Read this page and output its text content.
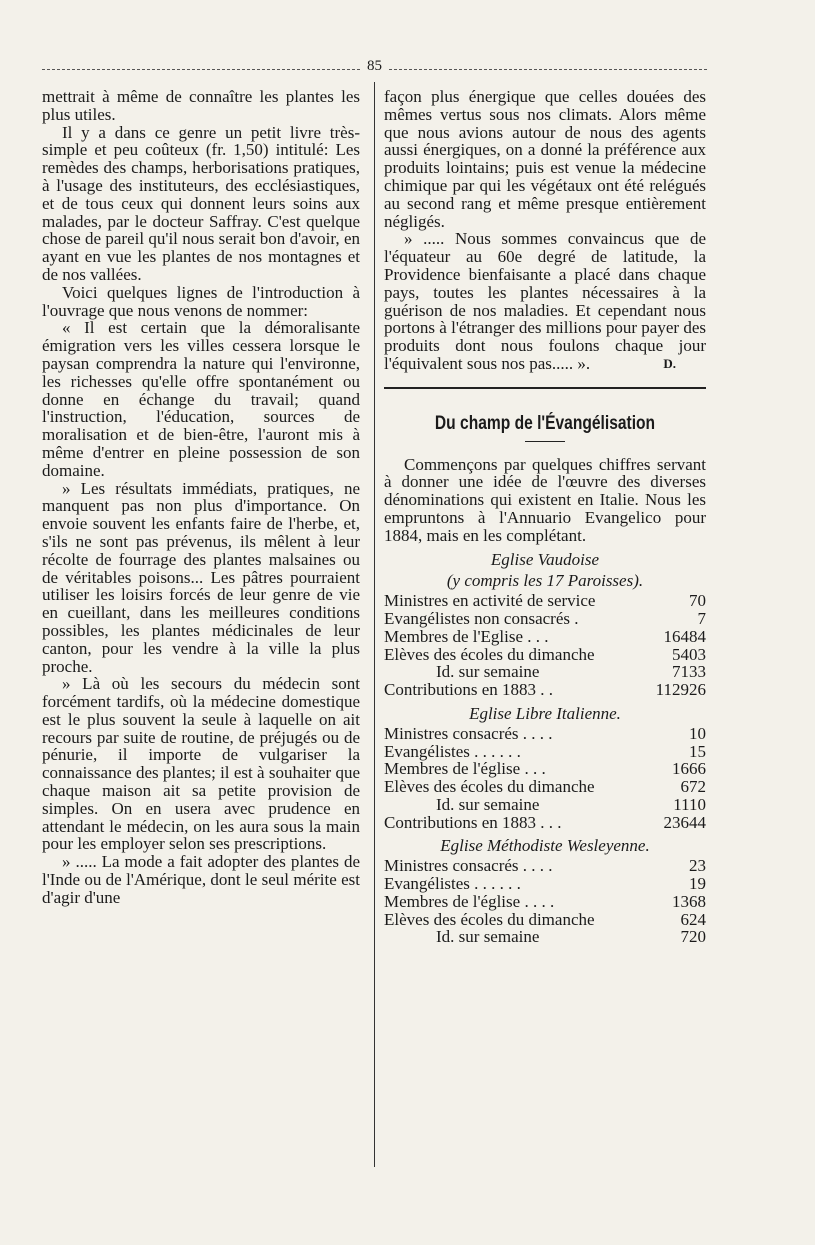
85

mettrait à même de connaître les plantes les plus utiles.

Il y a dans ce genre un petit livre très-simple et peu coûteux (fr. 1,50) intitulé: Les remèdes des champs, herborisations pratiques, à l'usage des instituteurs, des ecclésiastiques, et de tous ceux qui donnent leurs soins aux malades, par le docteur Saffray. C'est quelque chose de pareil qu'il nous serait bon d'avoir, en ayant en vue les plantes de nos montagnes et de nos vallées.

Voici quelques lignes de l'introduction à l'ouvrage que nous venons de nommer:

« Il est certain que la démoralisante émigration vers les villes cessera lorsque le paysan comprendra la nature qui l'environne, les richesses qu'elle offre spontanément ou donne en échange du travail; quand l'instruction, l'éducation, sources de moralisation et de bien-être, l'auront mis à même d'entrer en pleine possession de son domaine.

» Les résultats immédiats, pratiques, ne manquent pas non plus d'importance. On envoie souvent les enfants faire de l'herbe, et, s'ils ne sont pas prévenus, ils mêlent à leur récolte de fourrage des plantes malsaines ou de véritables poisons... Les pâtres pourraient utiliser les loisirs forcés de leur genre de vie en cueillant, dans les meilleures conditions possibles, les plantes médicinales de leur canton, pour les vendre à la ville la plus proche.

» Là où les secours du médecin sont forcément tardifs, où la médecine domestique est le plus souvent la seule à laquelle on ait recours par suite de routine, de préjugés ou de pénurie, il importe de vulgariser la connaissance des plantes; il est à souhaiter que chaque maison ait sa petite provision de simples. On en usera avec prudence en attendant le médecin, on les aura sous la main pour les employer selon ses prescriptions.

» ..... La mode a fait adopter des plantes de l'Inde ou de l'Amérique, dont le seul mérite est d'agir d'une

façon plus énergique que celles douées des mêmes vertus sous nos climats. Alors même que nous avions autour de nous des agents aussi énergiques, on a donné la préférence aux produits lointains; puis est venue la médecine chimique par qui les végétaux ont été relégués au second rang et même presque entièrement négligés.

» ..... Nous sommes convaincus que de l'équateur au 60e degré de latitude, la Providence bienfaisante a placé dans chaque pays, toutes les plantes nécessaires à la guérison de nos maladies. Et cependant nous portons à l'étranger des millions pour payer des produits dont nous foulons chaque jour l'équivalent sous nos pas..... ».	D.
Du champ de l'Évangélisation

Commençons par quelques chiffres servant à donner une idée de l'œuvre des diverses dénominations qui existent en Italie. Nous les empruntons à l'Annuario Evangelico pour 1884, mais en les complétant.

Eglise Vaudoise
(y compris les 17 Paroisses).
Ministres en activité de service	70
Evangélistes non consacrés .	7
Membres de l'Eglise . . .	16484
Elèves des écoles du dimanche	5403
Id. sur semaine	7133
Contributions en 1883 . .	112926
Eglise Libre Italienne.
Ministres consacrés . . . .	10
Evangélistes . . . . . .	15
Membres de l'église . . .	1666
Elèves des écoles du dimanche	672
Id. sur semaine	1110
Contributions en 1883 . . .	23644
Eglise Méthodiste Wesleyenne.
Ministres consacrés . . . .	23
Evangélistes . . . . . .	19
Membres de l'église . . . .	1368
Elèves des écoles du dimanche	624
Id. sur semaine	720
